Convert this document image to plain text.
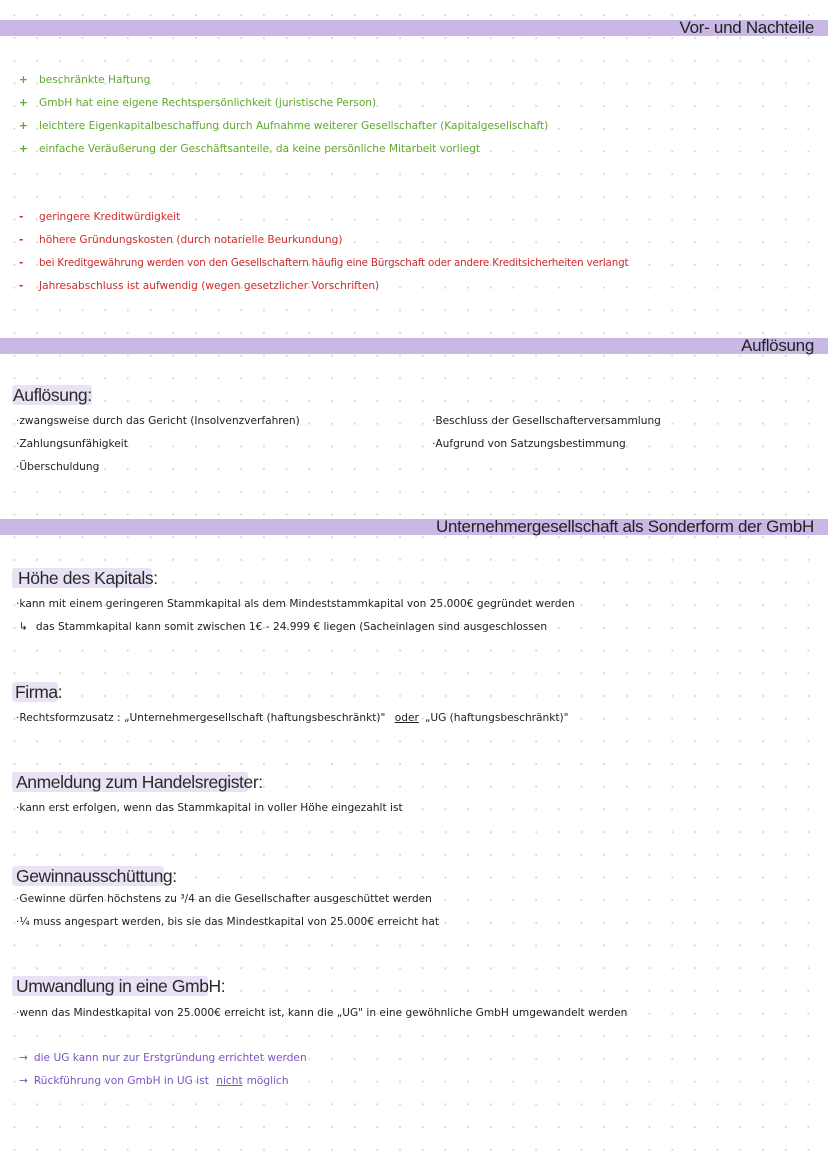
Vor- und Nachteile
+ beschränkte Haftung
+ GmbH hat eine eigene Rechtspersönlichkeit (juristische Person)
+ leichtere Eigenkapitalbeschaffung durch Aufnahme weiterer Gesellschafter (Kapitalgesellschaft)
+ einfache Veräußerung der Geschäftsanteile, da keine persönliche Mitarbeit vorliegt
- geringere Kreditwürdigkeit
- höhere Gründungskosten (durch notarielle Beurkundung)
- bei Kreditgewährung werden von den Gesellschaftern häufig eine Bürgschaft oder andere Kreditsicherheiten verlangt
- Jahresabschluss ist aufwendig (wegen gesetzlicher Vorschriften)
Auflösung
Auflösung:
·zwangsweise durch das Gericht (Insolvenzverfahren)
·Zahlungsunfähigkeit
·Überschuldung
·Beschluss der Gesellschafterversammlung
·Aufgrund von Satzungsbestimmung
Unternehmergesellschaft als Sonderform der GmbH
Höhe des Kapitals:
·kann mit einem geringeren Stammkapital als dem Mindeststammkapital von 25.000€ gegründet werden
↳ das Stammkapital kann somit zwischen 1€ - 24.999 € liegen (Sacheinlagen sind ausgeschlossen
Firma:
·Rechtsformzusatz : „Unternehmergesellschaft (haftungsbeschränkt)" oder „UG (haftungsbeschränkt)"
Anmeldung zum Handelsregister:
·kann erst erfolgen, wenn das Stammkapital in voller Höhe eingezahlt ist
Gewinnausschüttung:
·Gewinne dürfen höchstens zu ³/4 an die Gesellschafter ausgeschüttet werden
·¼ muss angespart werden, bis sie das Mindestkapital von 25.000€ erreicht hat
Umwandlung in eine GmbH:
·wenn das Mindestkapital von 25.000€ erreicht ist, kann die „UG" in eine gewöhnliche GmbH umgewandelt werden
→ die UG kann nur zur Erstgründung errichtet werden
→ Rückführung von GmbH in UG ist nicht möglich
